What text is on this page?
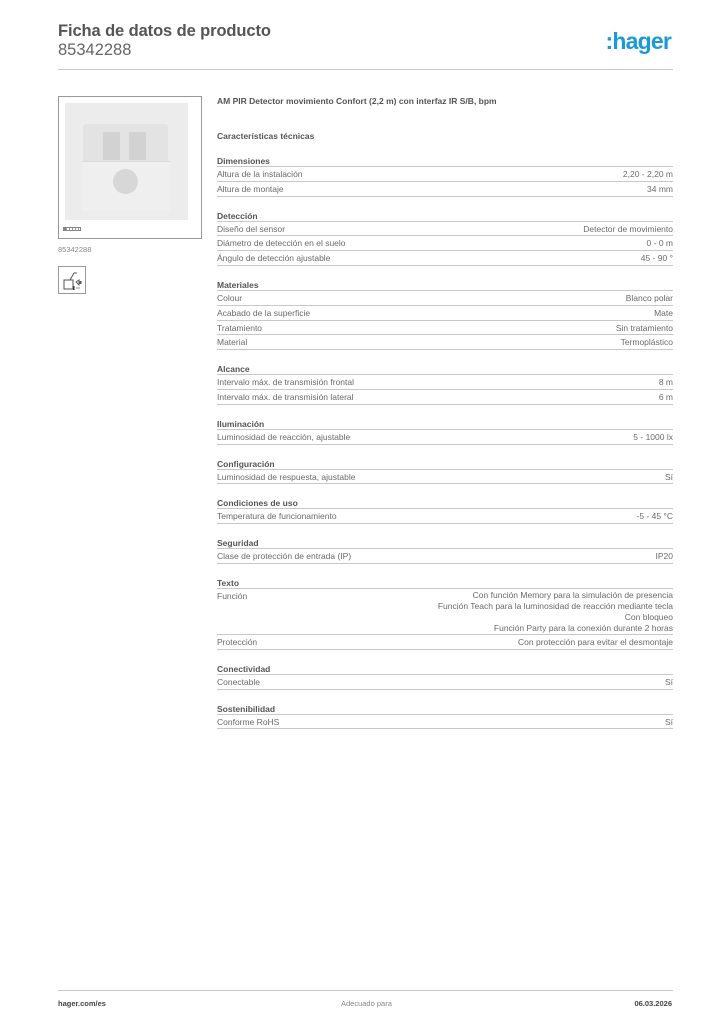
Ficha de datos de producto
85342288	:hager
85342288
AM PIR Detector movimiento Confort (2,2 m) con interfaz IR S/B, bpm
Características técnicas
Dimensiones
Altura de la instalación	2,20 - 2,20 m
Altura de montaje	34 mm
Detección
Diseño del sensor	Detector de movimiento
Diámetro de detección en el suelo	0 - 0 m
Ángulo de detección ajustable	45 - 90 °
Materiales
Colour	Blanco polar
Acabado de la superficie	Mate
Tratamiento	Sin tratamiento
Material	Termoplástico
Alcance
Intervalo máx. de transmisión frontal	8 m
Intervalo máx. de transmisión lateral	6 m
Iluminación
Luminosidad de reacción, ajustable	5 - 1000 lx
Configuración
Luminosidad de respuesta, ajustable	Sí
Condiciones de uso
Temperatura de funcionamiento	-5 - 45 °C
Seguridad
Clase de protección de entrada (IP)	IP20
Texto
Función	Con función Memory para la simulación de presencia
Función Teach para la luminosidad de reacción mediante tecla
Con bloqueo
Función Party para la conexión durante 2 horas
Protección	Con protección para evitar el desmontaje
Conectividad
Conectable	Sí
Sostenibilidad
Conforme RoHS	Sí
hager.com/es	Adecuado para	06.03.2026
